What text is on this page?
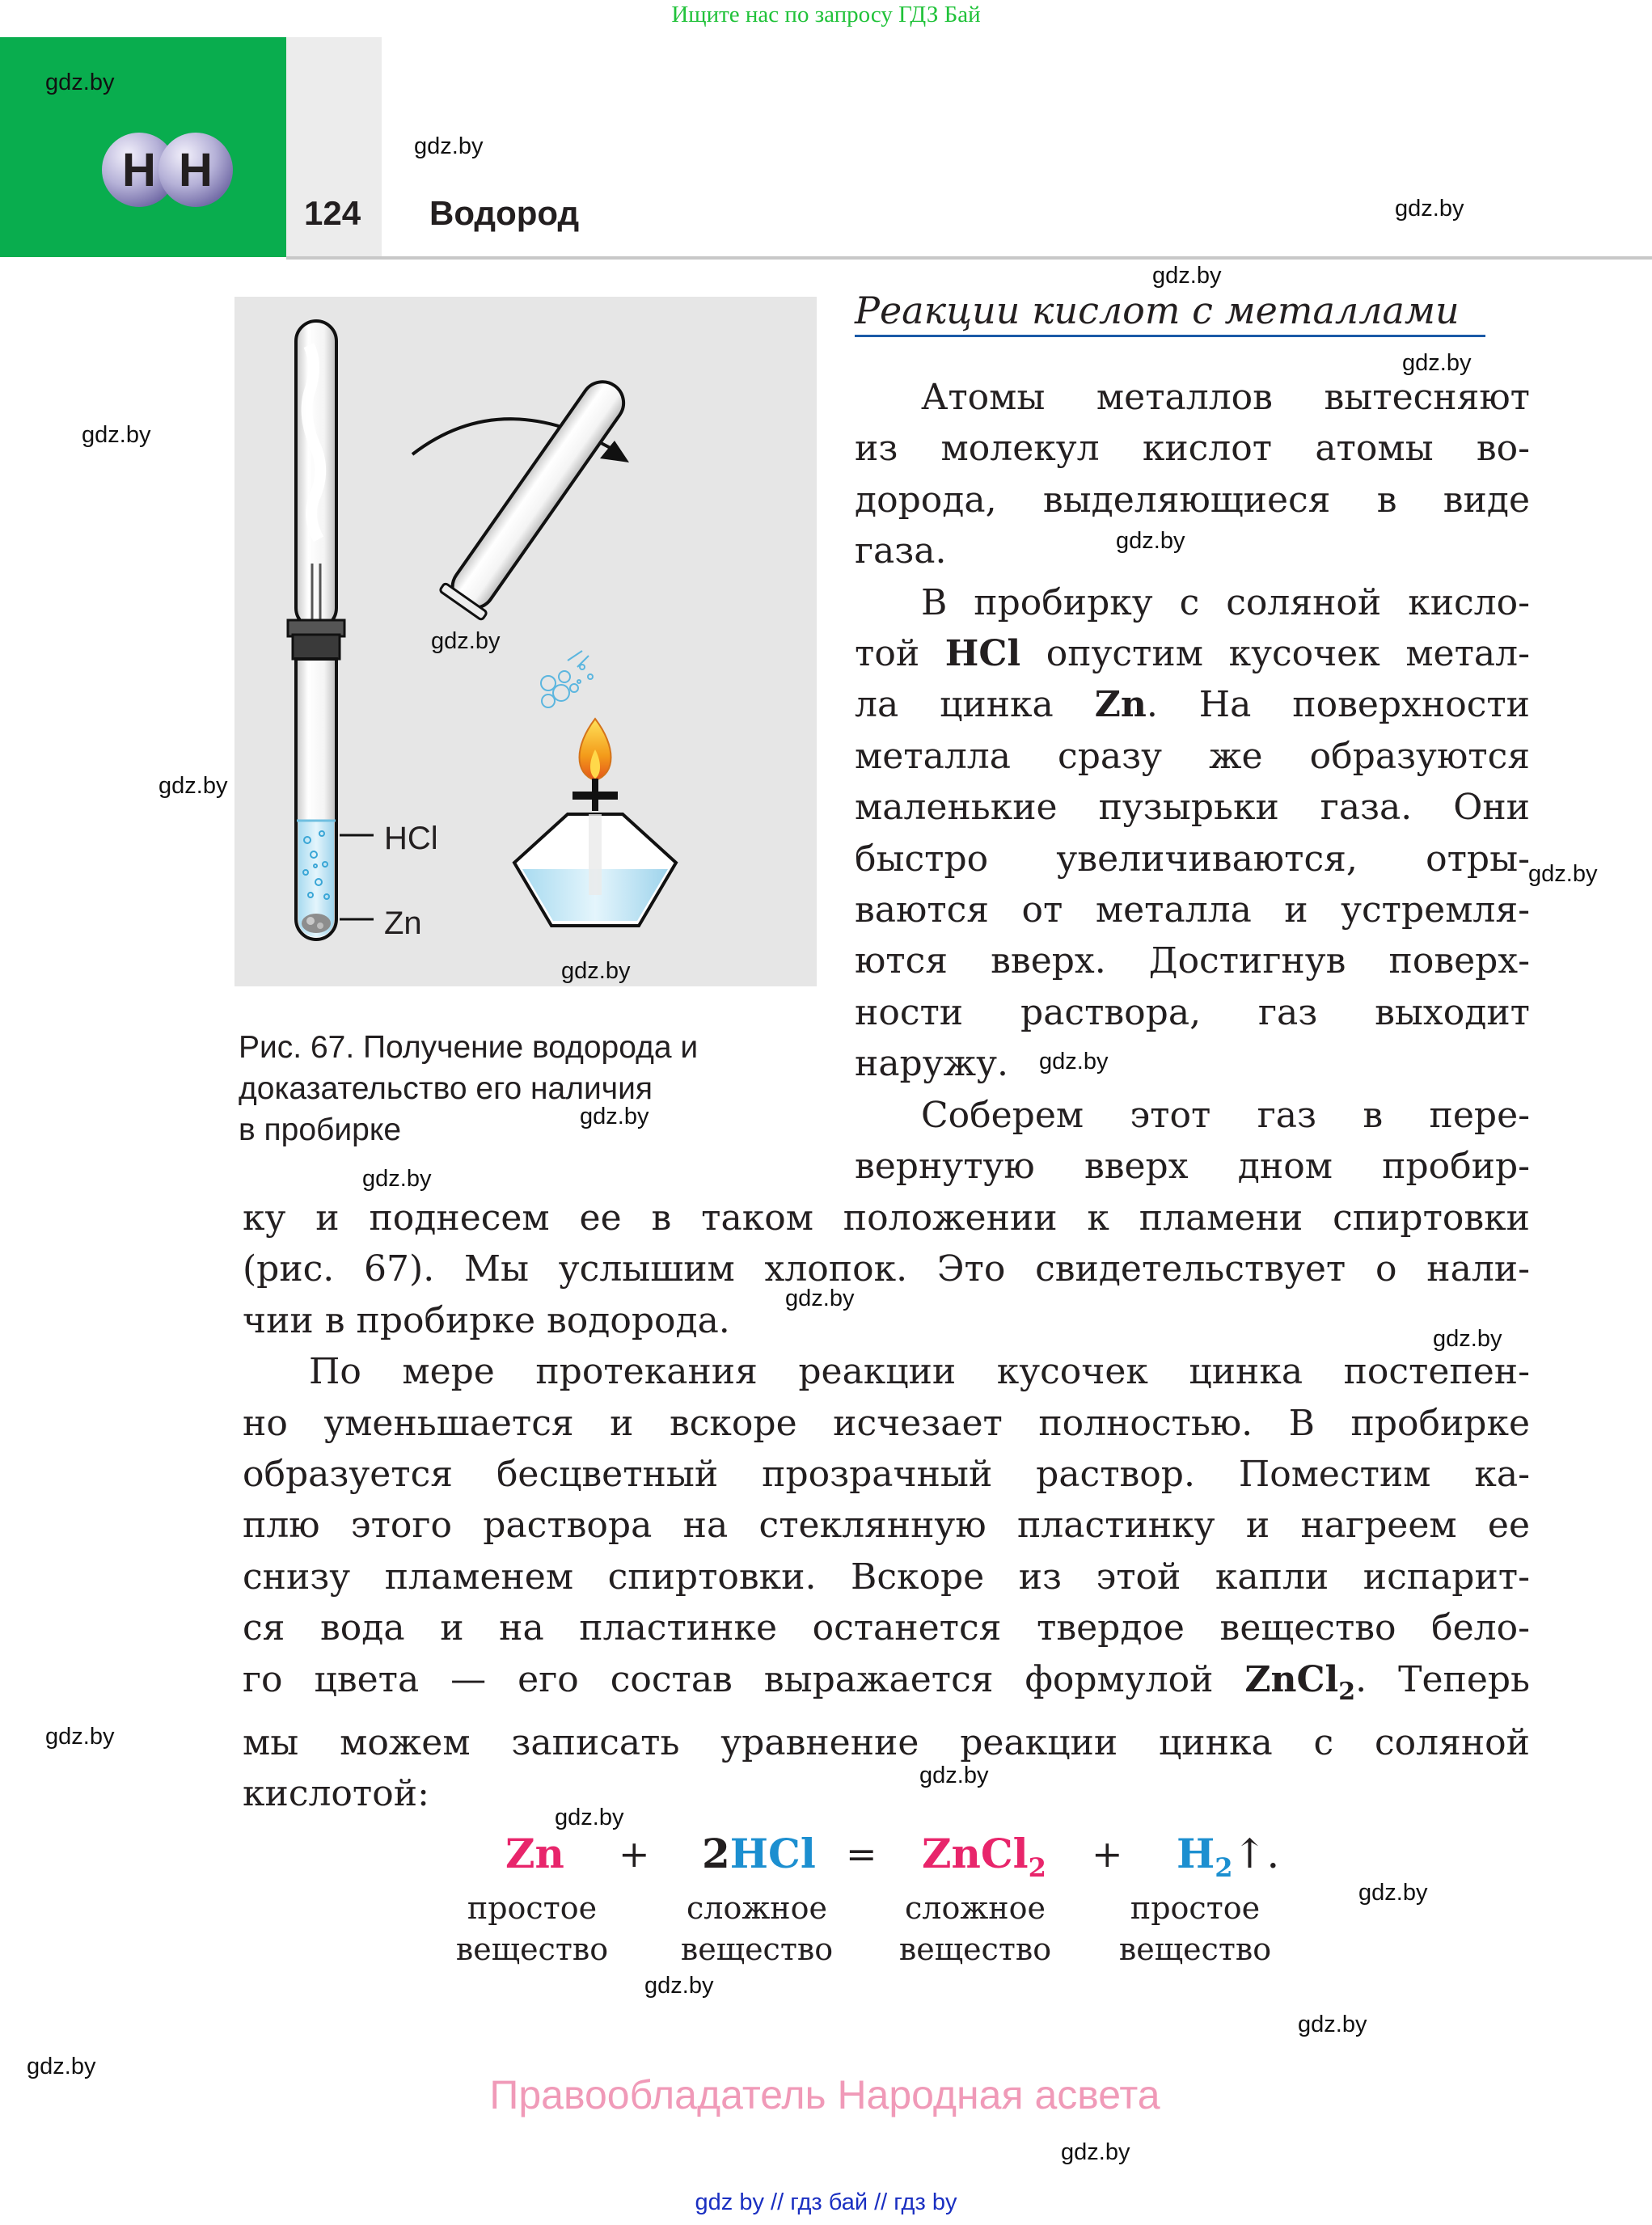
Ищите нас по запросу ГДЗ Бай
H H
124 Водород
HCl
Zn
Рис. 67. Получение водорода и
доказательство его наличия
в пробирке
Реакции кислот с металлами
Атомы металлов вытесняют
из молекул кислот атомы во-
дорода, выделяющиеся в виде
газа.
В пробирку с соляной кисло-
той HCl опустим кусочек метал-
ла цинка Zn. На поверхности
металла сразу же образуются
маленькие пузырьки газа. Они
быстро увеличиваются, отры-
ваются от металла и устремля-
ются вверх. Достигнув поверх-
ности раствора, газ выходит
наружу.
Соберем этот газ в пере-
вернутую вверх дном пробир-
ку и поднесем ее в таком положении к пламени спиртовки
(рис. 67). Мы услышим хлопок. Это свидетельствует о нали-
чии в пробирке водорода.
По мере протекания реакции кусочек цинка постепен-
но уменьшается и вскоре исчезает полностью. В пробирке
образуется бесцветный прозрачный раствор. Поместим ка-
плю этого раствора на стеклянную пластинку и нагреем ее
снизу пламенем спиртовки. Вскоре из этой капли испарит-
ся вода и на пластинке останется твердое вещество бело-
го цвета — его состав выражается формулой ZnCl$_2$. Теперь
мы можем записать уравнение реакции цинка с соляной
кислотой:
Zn + 2HCl = ZnCl$_2$ + $H_2↑$.
простое
вещество
сложное
вещество
сложное
вещество
простое
вещество
gdz.by
gdz.by
gdz.by
gdz.by
gdz.by
gdz.by
gdz.by
gdz.by
gdz.by
gdz.by
gdz.by
gdz.by
gdz.by
gdz.by
gdz.by
gdz.by
gdz.by
gdz.by
gdz.by
gdz.by
gdz.by
gdz.by
gdz.by
gdz.by
Правообладатель Народная асвета
gdz by // гдз бай // гдз by
